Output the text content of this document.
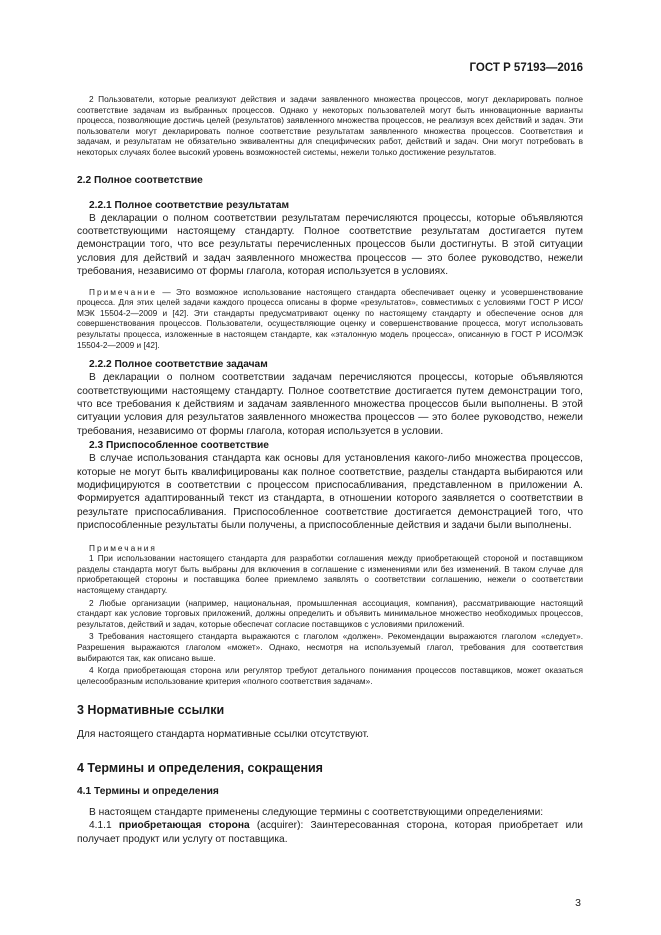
ГОСТ Р 57193—2016

2 Пользователи, которые реализуют действия и задачи заявленного множества процессов, могут декларировать полное соответствие задачам из выбранных процессов. Однако у некоторых пользователей могут быть инновационные варианты процесса, позволяющие достичь целей (результатов) заявленного множества процессов, не реализуя всех действий и задач. Эти пользователи могут декларировать полное соответствие результатам заявленного множества процессов. Соответствия и задачам, и результатам не обязательно эквивалентны для специфических работ, действий и задач. Они могут потребовать в некоторых случаях более высокий уровень возможностей системы, нежели только достижение результатов.

2.2 Полное соответствие
2.2.1 Полное соответствие результатам

В декларации о полном соответствии результатам перечисляются процессы, которые объявляются соответствующими настоящему стандарту. Полное соответствие результатам достигается путем демонстрации того, что все результаты перечисленных процессов были достигнуты. В этой ситуации условия для действий и задач заявленного множества процессов — это более руководство, нежели требования, независимо от формы глагола, которая используется в условиях.

Примечание — Это возможное использование настоящего стандарта обеспечивает оценку и усовершенствование процесса. Для этих целей задачи каждого процесса описаны в форме «результатов», совместимых с условиями ГОСТ Р ИСО/МЭК 15504-2—2009 и [42]. Эти стандарты предусматривают оценку по настоящему стандарту и обеспечение основ для совершенствования процессов. Пользователи, осуществляющие оценку и совершенствование процесса, могут использовать результаты процесса, изложенные в настоящем стандарте, как «эталонную модель процесса», описанную в ГОСТ Р ИСО/МЭК 15504-2—2009 и [42].

2.2.2 Полное соответствие задачам

В декларации о полном соответствии задачам перечисляются процессы, которые объявляются соответствующими настоящему стандарту. Полное соответствие достигается путем демонстрации того, что все требования к действиям и задачам заявленного множества процессов были выполнены. В этой ситуации условия для результатов заявленного множества процессов — это более руководство, нежели требования, независимо от формы глагола, которая используется в условии.

2.3 Приспособленное соответствие

В случае использования стандарта как основы для установления какого-либо множества процессов, которые не могут быть квалифицированы как полное соответствие, разделы стандарта выбираются или модифицируются в соответствии с процессом приспосабливания, представленном в приложении А. Формируется адаптированный текст из стандарта, в отношении которого заявляется о соответствии в результате приспосабливания. Приспособленное соответствие достигается демонстрацией того, что приспособленные результаты были получены, а приспособленные действия и задачи были выполнены.

Примечания

1 При использовании настоящего стандарта для разработки соглашения между приобретающей стороной и поставщиком разделы стандарта могут быть выбраны для включения в соглашение с изменениями или без изменений. В таком случае для приобретающей стороны и поставщика более приемлемо заявлять о соответствии соглашению, нежели о соответствии настоящему стандарту.

2 Любые организации (например, национальная, промышленная ассоциация, компания), рассматривающие настоящий стандарт как условие торговых приложений, должны определить и объявить минимальное множество необходимых процессов, результатов, действий и задач, которые обеспечат согласие поставщиков с условиями приложений.

3 Требования настоящего стандарта выражаются с глаголом «должен». Рекомендации выражаются глаголом «следует». Разрешения выражаются глаголом «может». Однако, несмотря на используемый глагол, требования для соответствия выбираются так, как описано выше.

4 Когда приобретающая сторона или регулятор требуют детального понимания процессов поставщиков, может оказаться целесообразным использование критерия «полного соответствия задачам».

3 Нормативные ссылки

Для настоящего стандарта нормативные ссылки отсутствуют.

4 Термины и определения, сокращения
4.1 Термины и определения

В настоящем стандарте применены следующие термины с соответствующими определениями:

4.1.1 приобретающая сторона (acquirer): Заинтересованная сторона, которая приобретает или получает продукт или услугу от поставщика.

3
